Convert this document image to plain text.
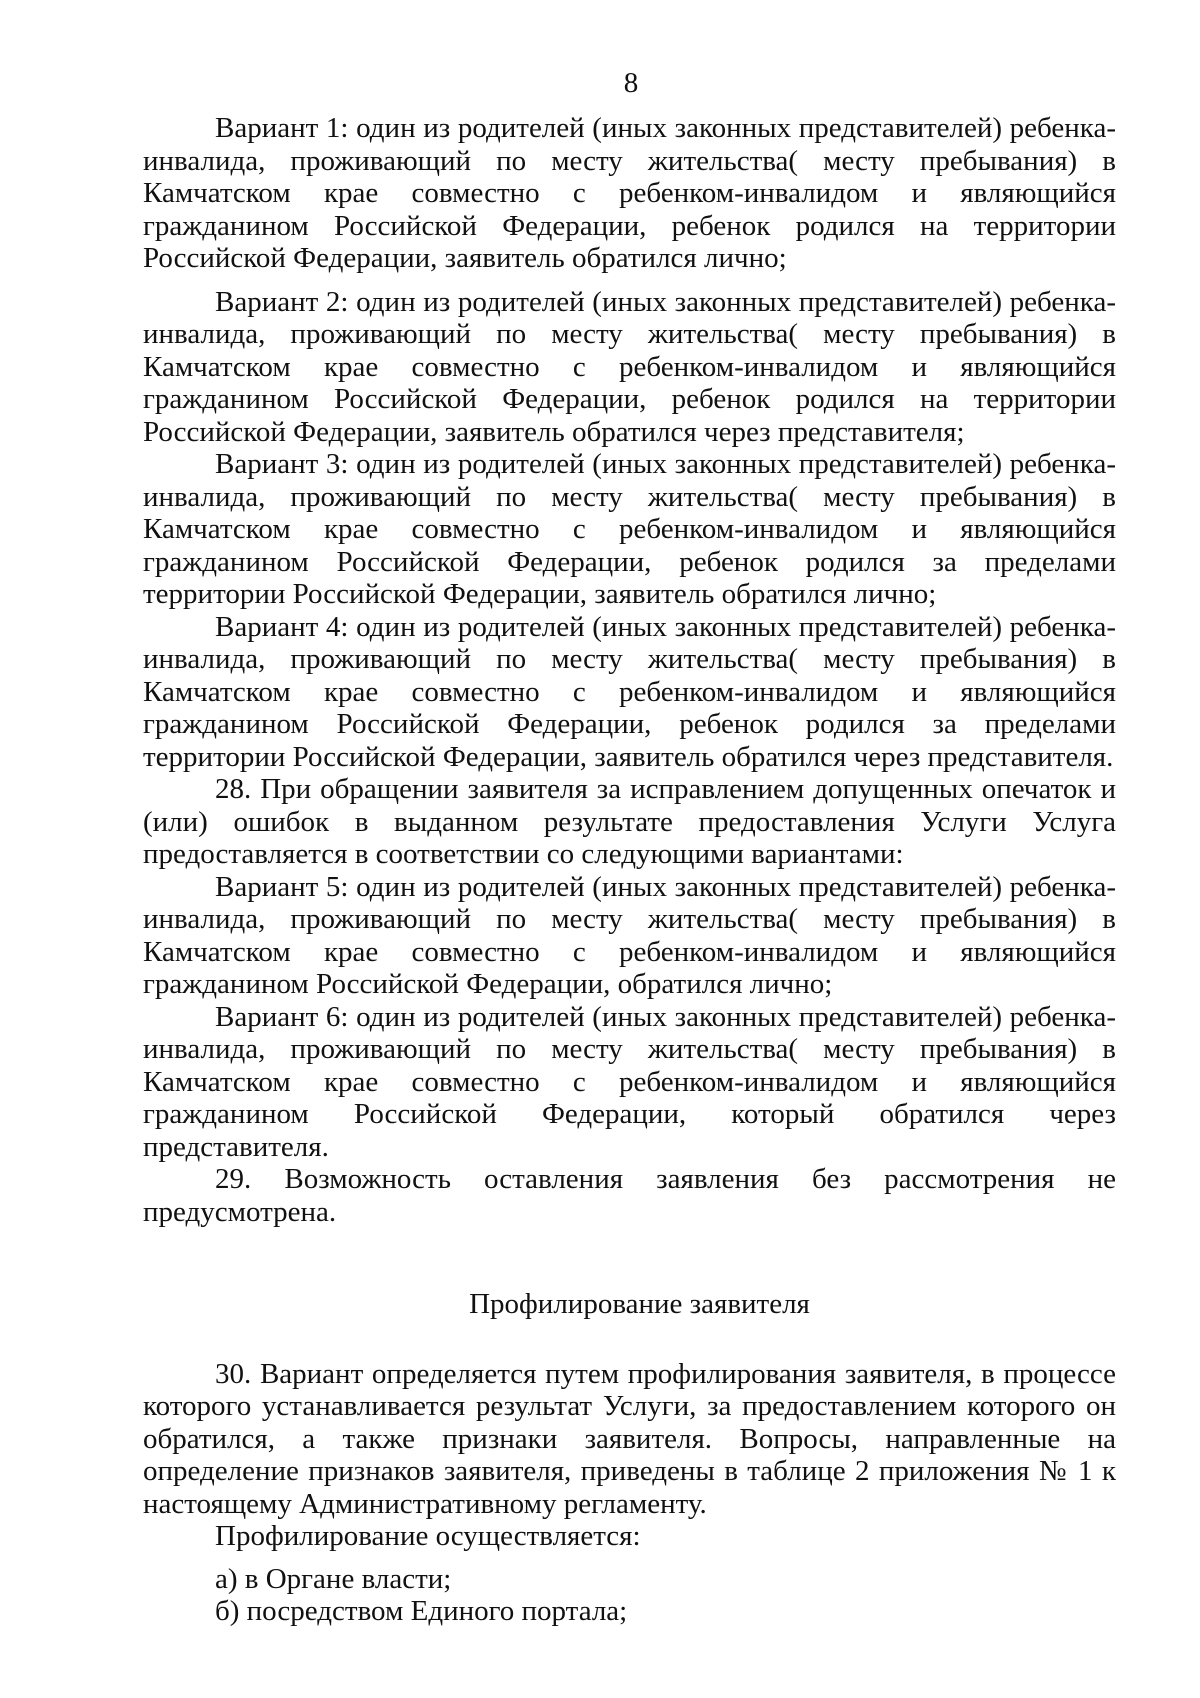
8

Вариант 1: один из родителей (иных законных представителей) ребенка-инвалида, проживающий по месту жительства( месту пребывания) в Камчатском крае совместно с ребенком-инвалидом и являющийся гражданином Российской Федерации, ребенок родился на территории Российской Федерации, заявитель обратился лично;

Вариант 2: один из родителей (иных законных представителей) ребенка-инвалида, проживающий по месту жительства( месту пребывания) в Камчатском крае совместно с ребенком-инвалидом и являющийся гражданином Российской Федерации, ребенок родился на территории Российской Федерации, заявитель обратился через представителя;

Вариант 3: один из родителей (иных законных представителей) ребенка-инвалида, проживающий по месту жительства( месту пребывания) в Камчатском крае совместно с ребенком-инвалидом и являющийся гражданином Российской Федерации, ребенок родился за пределами территории Российской Федерации, заявитель обратился лично;

Вариант 4: один из родителей (иных законных представителей) ребенка-инвалида, проживающий по месту жительства( месту пребывания) в Камчатском крае совместно с ребенком-инвалидом и являющийся гражданином Российской Федерации, ребенок родился за пределами территории Российской Федерации, заявитель обратился через представителя.

28. При обращении заявителя за исправлением допущенных опечаток и (или) ошибок в выданном результате предоставления Услуги Услуга предоставляется в соответствии со следующими вариантами:

Вариант 5: один из родителей (иных законных представителей) ребенка-инвалида, проживающий по месту жительства( месту пребывания) в Камчатском крае совместно с ребенком-инвалидом и являющийся гражданином Российской Федерации, обратился лично;

Вариант 6: один из родителей (иных законных представителей) ребенка-инвалида, проживающий по месту жительства( месту пребывания) в Камчатском крае совместно с ребенком-инвалидом и являющийся гражданином Российской Федерации, который обратился через представителя.

29. Возможность оставления заявления без рассмотрения не предусмотрена.

Профилирование заявителя

30. Вариант определяется путем профилирования заявителя, в процессе которого устанавливается результат Услуги, за предоставлением которого он обратился, а также признаки заявителя. Вопросы, направленные на определение признаков заявителя, приведены в таблице 2 приложения № 1 к настоящему Административному регламенту.

Профилирование осуществляется:

а) в Органе власти;

б) посредством Единого портала;
